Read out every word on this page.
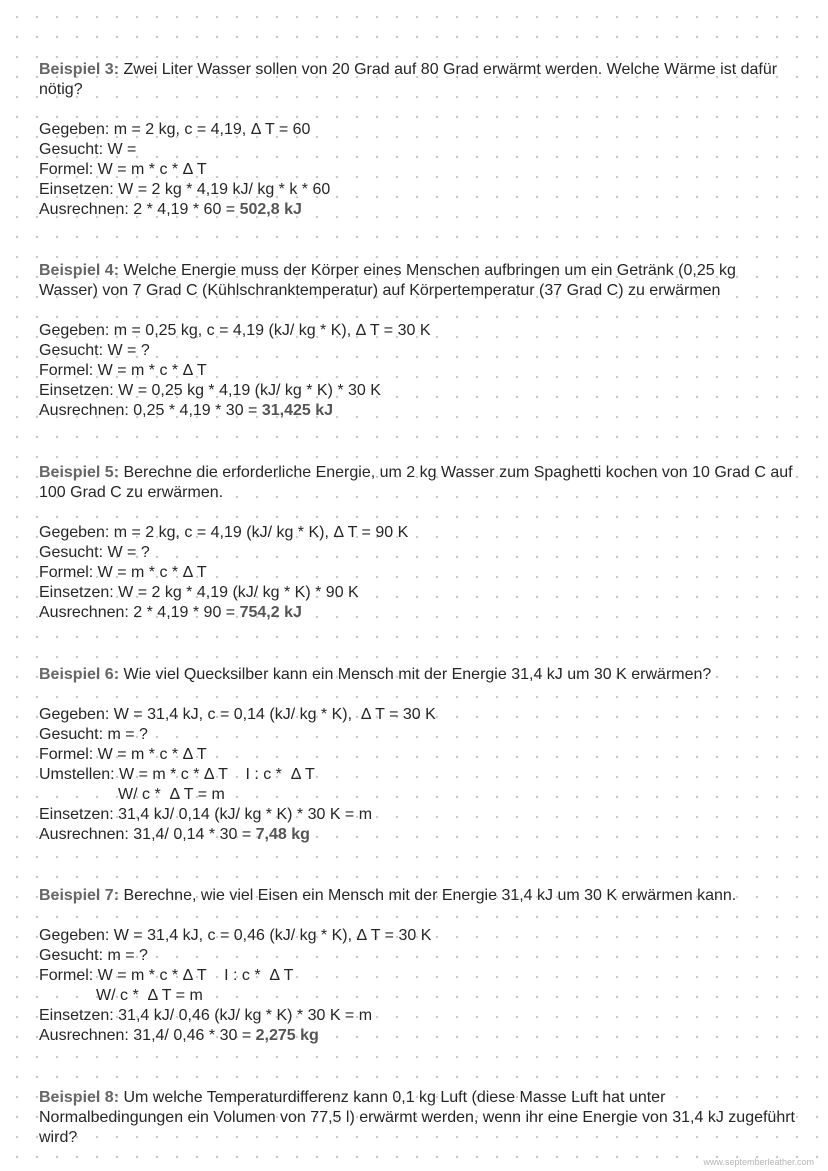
Beispiel 3: Zwei Liter Wasser sollen von 20 Grad auf 80 Grad erwärmt werden. Welche Wärme ist dafür nötig?

Gegeben: m = 2 kg, c = 4,19, Δ T = 60

Gesucht: W =

Formel: W = m * c * Δ T

Einsetzen: W = 2 kg * 4,19 kJ/ kg * k * 60

Ausrechnen: 2 * 4,19 * 60 = 502,8 kJ

Beispiel 4: Welche Energie muss der Körper eines Menschen aufbringen um ein Getränk (0,25 kg Wasser) von 7 Grad C (Kühlschranktemperatur) auf Körpertemperatur (37 Grad C) zu erwärmen

Gegeben: m = 0,25 kg, c = 4,19 (kJ/ kg * K), Δ T = 30 K

Gesucht: W = ?

Formel: W = m * c * Δ T

Einsetzen: W = 0,25 kg * 4,19 (kJ/ kg * K) * 30 K

Ausrechnen: 0,25 * 4,19 * 30 = 31,425 kJ

Beispiel 5: Berechne die erforderliche Energie, um 2 kg Wasser zum Spaghetti kochen von 10 Grad C auf 100 Grad C zu erwärmen.

Gegeben: m = 2 kg, c = 4,19 (kJ/ kg * K), Δ T = 90 K

Gesucht: W = ?

Formel: W = m * c * Δ T

Einsetzen: W = 2 kg * 4,19 (kJ/ kg * K) * 90 K

Ausrechnen: 2 * 4,19 * 90 = 754,2 kJ

Beispiel 6: Wie viel Quecksilber kann ein Mensch mit der Energie 31,4 kJ um 30 K erwärmen?

Gegeben: W = 31,4 kJ, c = 0,14 (kJ/ kg * K),  Δ T = 30 K

Gesucht: m = ?

Formel: W = m * c * Δ T

Umstellen: W = m * c * Δ T    I : c *  Δ T

W/ c *  Δ T = m

Einsetzen: 31,4 kJ/ 0,14 (kJ/ kg * K) * 30 K = m

Ausrechnen: 31,4/ 0,14 * 30 = 7,48 kg

Beispiel 7: Berechne, wie viel Eisen ein Mensch mit der Energie 31,4 kJ um 30 K erwärmen kann.

Gegeben: W = 31,4 kJ, c = 0,46 (kJ/ kg * K), Δ T = 30 K

Gesucht: m = ?

Formel: W = m * c * Δ T    I : c *  Δ T

W/ c *  Δ T = m

Einsetzen: 31,4 kJ/ 0,46 (kJ/ kg * K) * 30 K = m

Ausrechnen: 31,4/ 0,46 * 30 = 2,275 kg

Beispiel 8: Um welche Temperaturdifferenz kann 0,1 kg Luft (diese Masse Luft hat unter Normalbedingungen ein Volumen von 77,5 l) erwärmt werden, wenn ihr eine Energie von 31,4 kJ zugeführt wird?

www.septemberleather.com
